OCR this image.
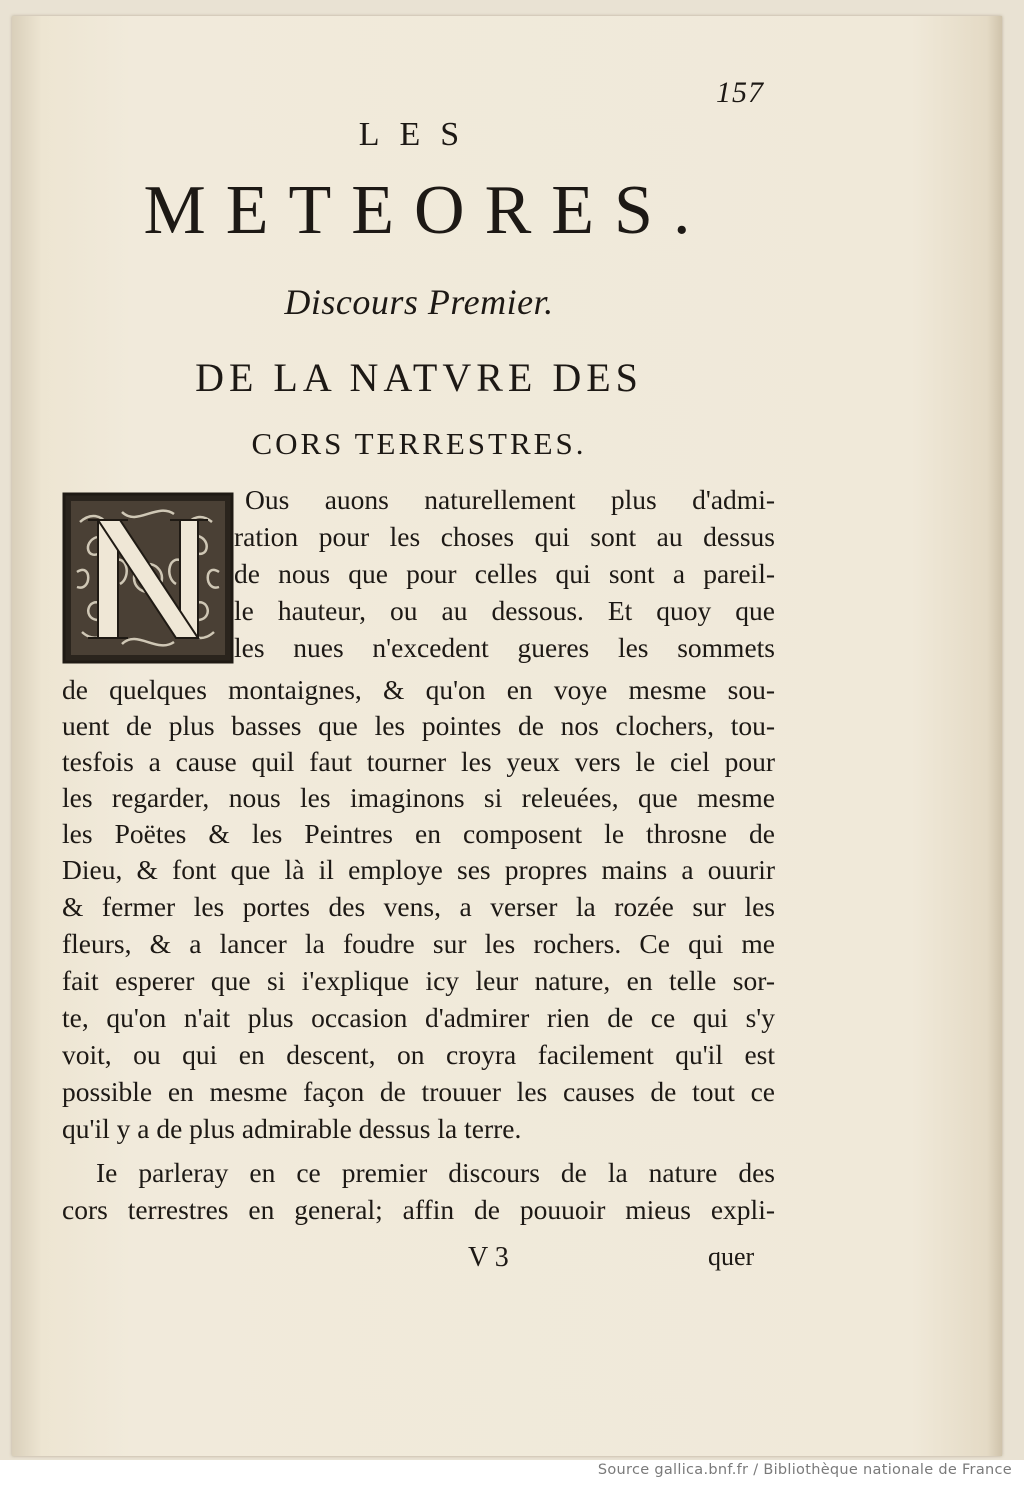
157
LES
METEORES.
Discours Premier.
DE LA NATVRE DES
CORS TERRESTRES.
Ous auons naturellement plus d'admi-
ration pour les choses qui sont au dessus
de nous que pour celles qui sont a pareil-
le hauteur, ou au dessous. Et quoy que
les nues n'excedent gueres les sommets
de quelques montaignes, & qu'on en voye mesme sou-
uent de plus basses que les pointes de nos clochers, tou-
tesfois a cause quil faut tourner les yeux vers le ciel pour
les regarder, nous les imaginons si releuées, que mesme
les Poëtes & les Peintres en composent le throsne de
Dieu, & font que là il employe ses propres mains a ouurir
& fermer les portes des vens, a verser la rozée sur les
fleurs, & a lancer la foudre sur les rochers. Ce qui me
fait esperer que si i'explique icy leur nature, en telle sor-
te, qu'on n'ait plus occasion d'admirer rien de ce qui s'y
voit, ou qui en descent, on croyra facilement qu'il est
possible en mesme façon de trouuer les causes de tout ce
qu'il y a de plus admirable dessus la terre.
Ie parleray en ce premier discours de la nature des
cors terrestres en general; affin de pouuoir mieus expli-
V 3	quer
Source gallica.bnf.fr / Bibliothèque nationale de France
